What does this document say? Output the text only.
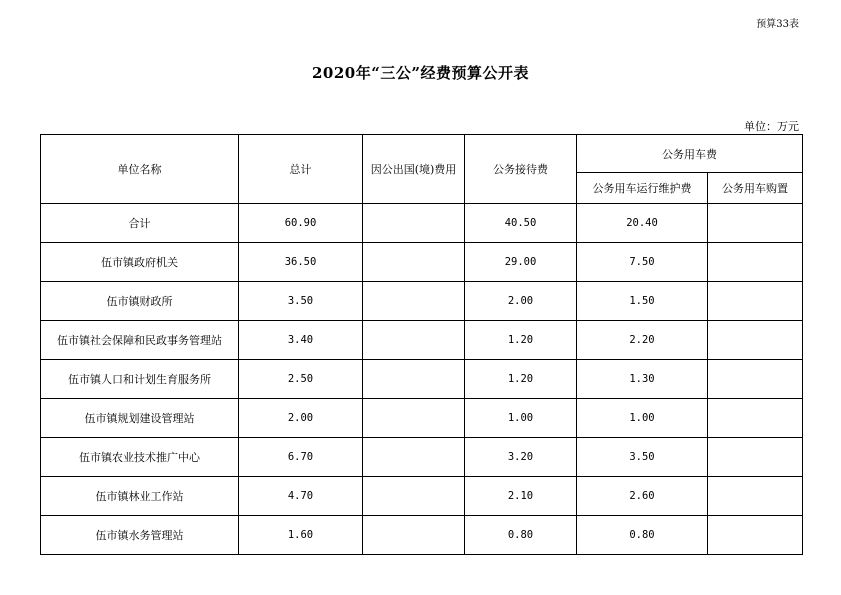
预算33表
2020年“三公”经费预算公开表
单位：万元
单位名称	总计	因公出国(境)费用	公务接待费	公务用车费	
				公务用车运行维护费	公务用车购置
合计	60.90		40.50	20.40	
伍市镇政府机关	36.50		29.00	7.50	
伍市镇财政所	3.50		2.00	1.50	
伍市镇社会保障和民政事务管理站	3.40		1.20	2.20	
伍市镇人口和计划生育服务所	2.50		1.20	1.30	
伍市镇规划建设管理站	2.00		1.00	1.00	
伍市镇农业技术推广中心	6.70		3.20	3.50	
伍市镇林业工作站	4.70		2.10	2.60	
伍市镇水务管理站	1.60		0.80	0.80	
